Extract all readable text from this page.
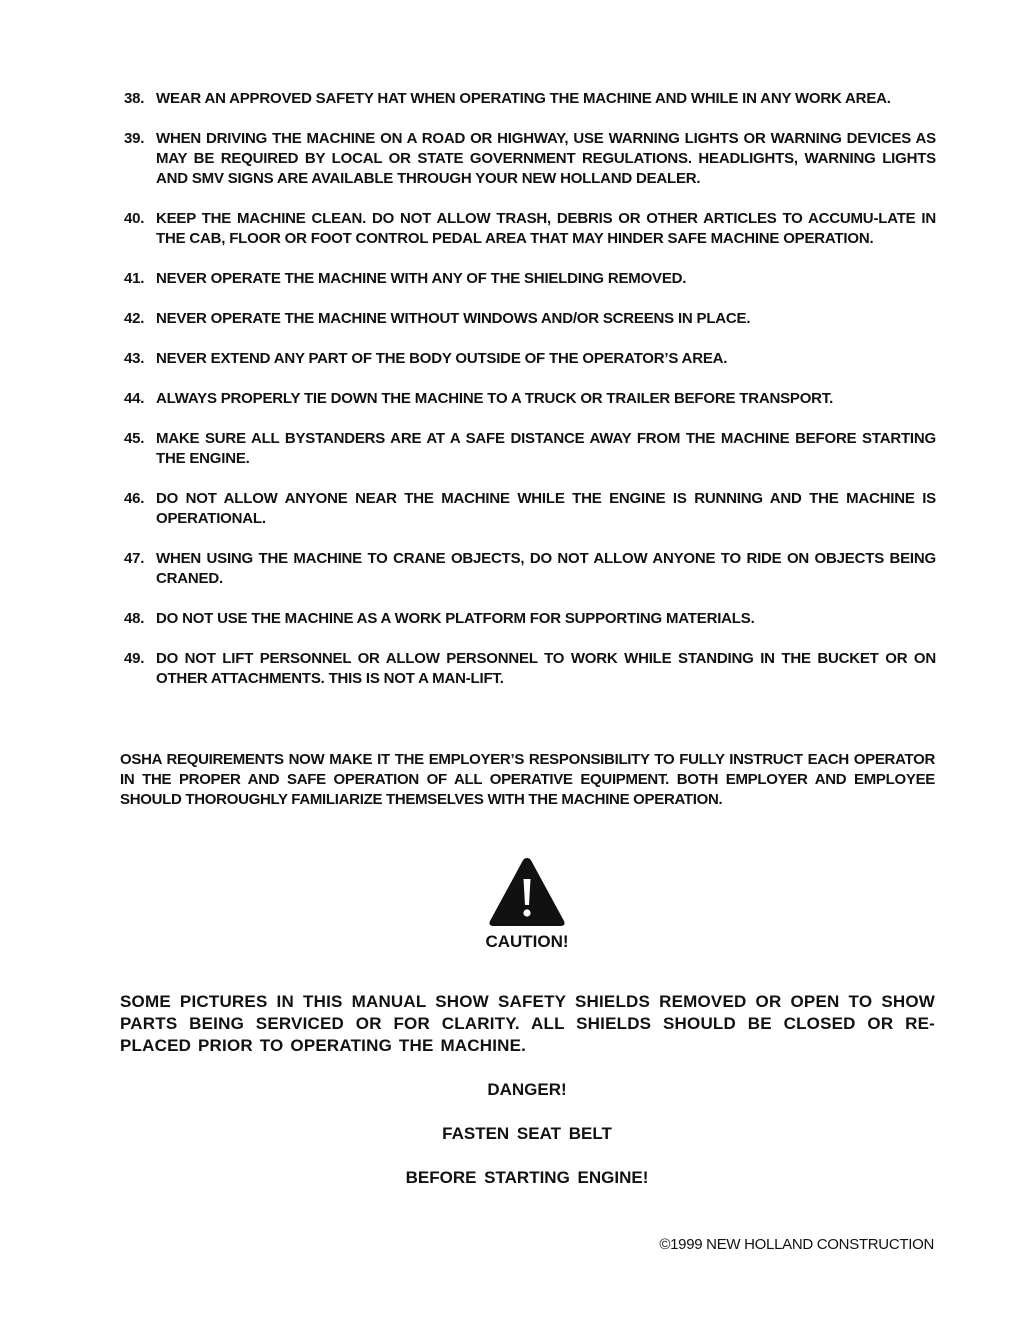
38. WEAR AN APPROVED SAFETY HAT WHEN OPERATING THE MACHINE AND WHILE IN ANY WORK AREA.
39. WHEN DRIVING THE MACHINE ON A ROAD OR HIGHWAY, USE WARNING LIGHTS OR WARNING DEVICES AS MAY BE REQUIRED BY LOCAL OR STATE GOVERNMENT REGULATIONS. HEADLIGHTS, WARNING LIGHTS AND SMV SIGNS ARE AVAILABLE THROUGH YOUR NEW HOLLAND DEALER.
40. KEEP THE MACHINE CLEAN. DO NOT ALLOW TRASH, DEBRIS OR OTHER ARTICLES TO ACCUMU-LATE IN THE CAB, FLOOR OR FOOT CONTROL PEDAL AREA THAT MAY HINDER SAFE MACHINE OPERATION.
41. NEVER OPERATE THE MACHINE WITH ANY OF THE SHIELDING REMOVED.
42. NEVER OPERATE THE MACHINE WITHOUT WINDOWS AND/OR SCREENS IN PLACE.
43. NEVER EXTEND ANY PART OF THE BODY OUTSIDE OF THE OPERATOR’S AREA.
44. ALWAYS PROPERLY TIE DOWN THE MACHINE TO A TRUCK OR TRAILER BEFORE TRANSPORT.
45. MAKE SURE ALL BYSTANDERS ARE AT A SAFE DISTANCE AWAY FROM THE MACHINE BEFORE STARTING THE ENGINE.
46. DO NOT ALLOW ANYONE NEAR THE MACHINE WHILE THE ENGINE IS RUNNING AND THE MACHINE IS OPERATIONAL.
47. WHEN USING THE MACHINE TO CRANE OBJECTS, DO NOT ALLOW ANYONE TO RIDE ON OBJECTS BEING CRANED.
48. DO NOT USE THE MACHINE AS A WORK PLATFORM FOR SUPPORTING MATERIALS.
49. DO NOT LIFT PERSONNEL OR ALLOW PERSONNEL TO WORK WHILE STANDING IN THE BUCKET OR ON OTHER ATTACHMENTS. THIS IS NOT A MAN-LIFT.

OSHA REQUIREMENTS NOW MAKE IT THE EMPLOYER’S RESPONSIBILITY TO FULLY INSTRUCT EACH OPERATOR IN THE PROPER AND SAFE OPERATION OF ALL OPERATIVE EQUIPMENT. BOTH EMPLOYER AND EMPLOYEE SHOULD THOROUGHLY FAMILIARIZE THEMSELVES WITH THE MACHINE OPERATION.

CAUTION!

SOME PICTURES IN THIS MANUAL SHOW SAFETY SHIELDS REMOVED OR OPEN TO SHOW PARTS BEING SERVICED OR FOR CLARITY. ALL SHIELDS SHOULD BE CLOSED OR RE-PLACED PRIOR TO OPERATING THE MACHINE.

DANGER!
FASTEN SEAT BELT
BEFORE STARTING ENGINE!
©1999 NEW HOLLAND CONSTRUCTION
